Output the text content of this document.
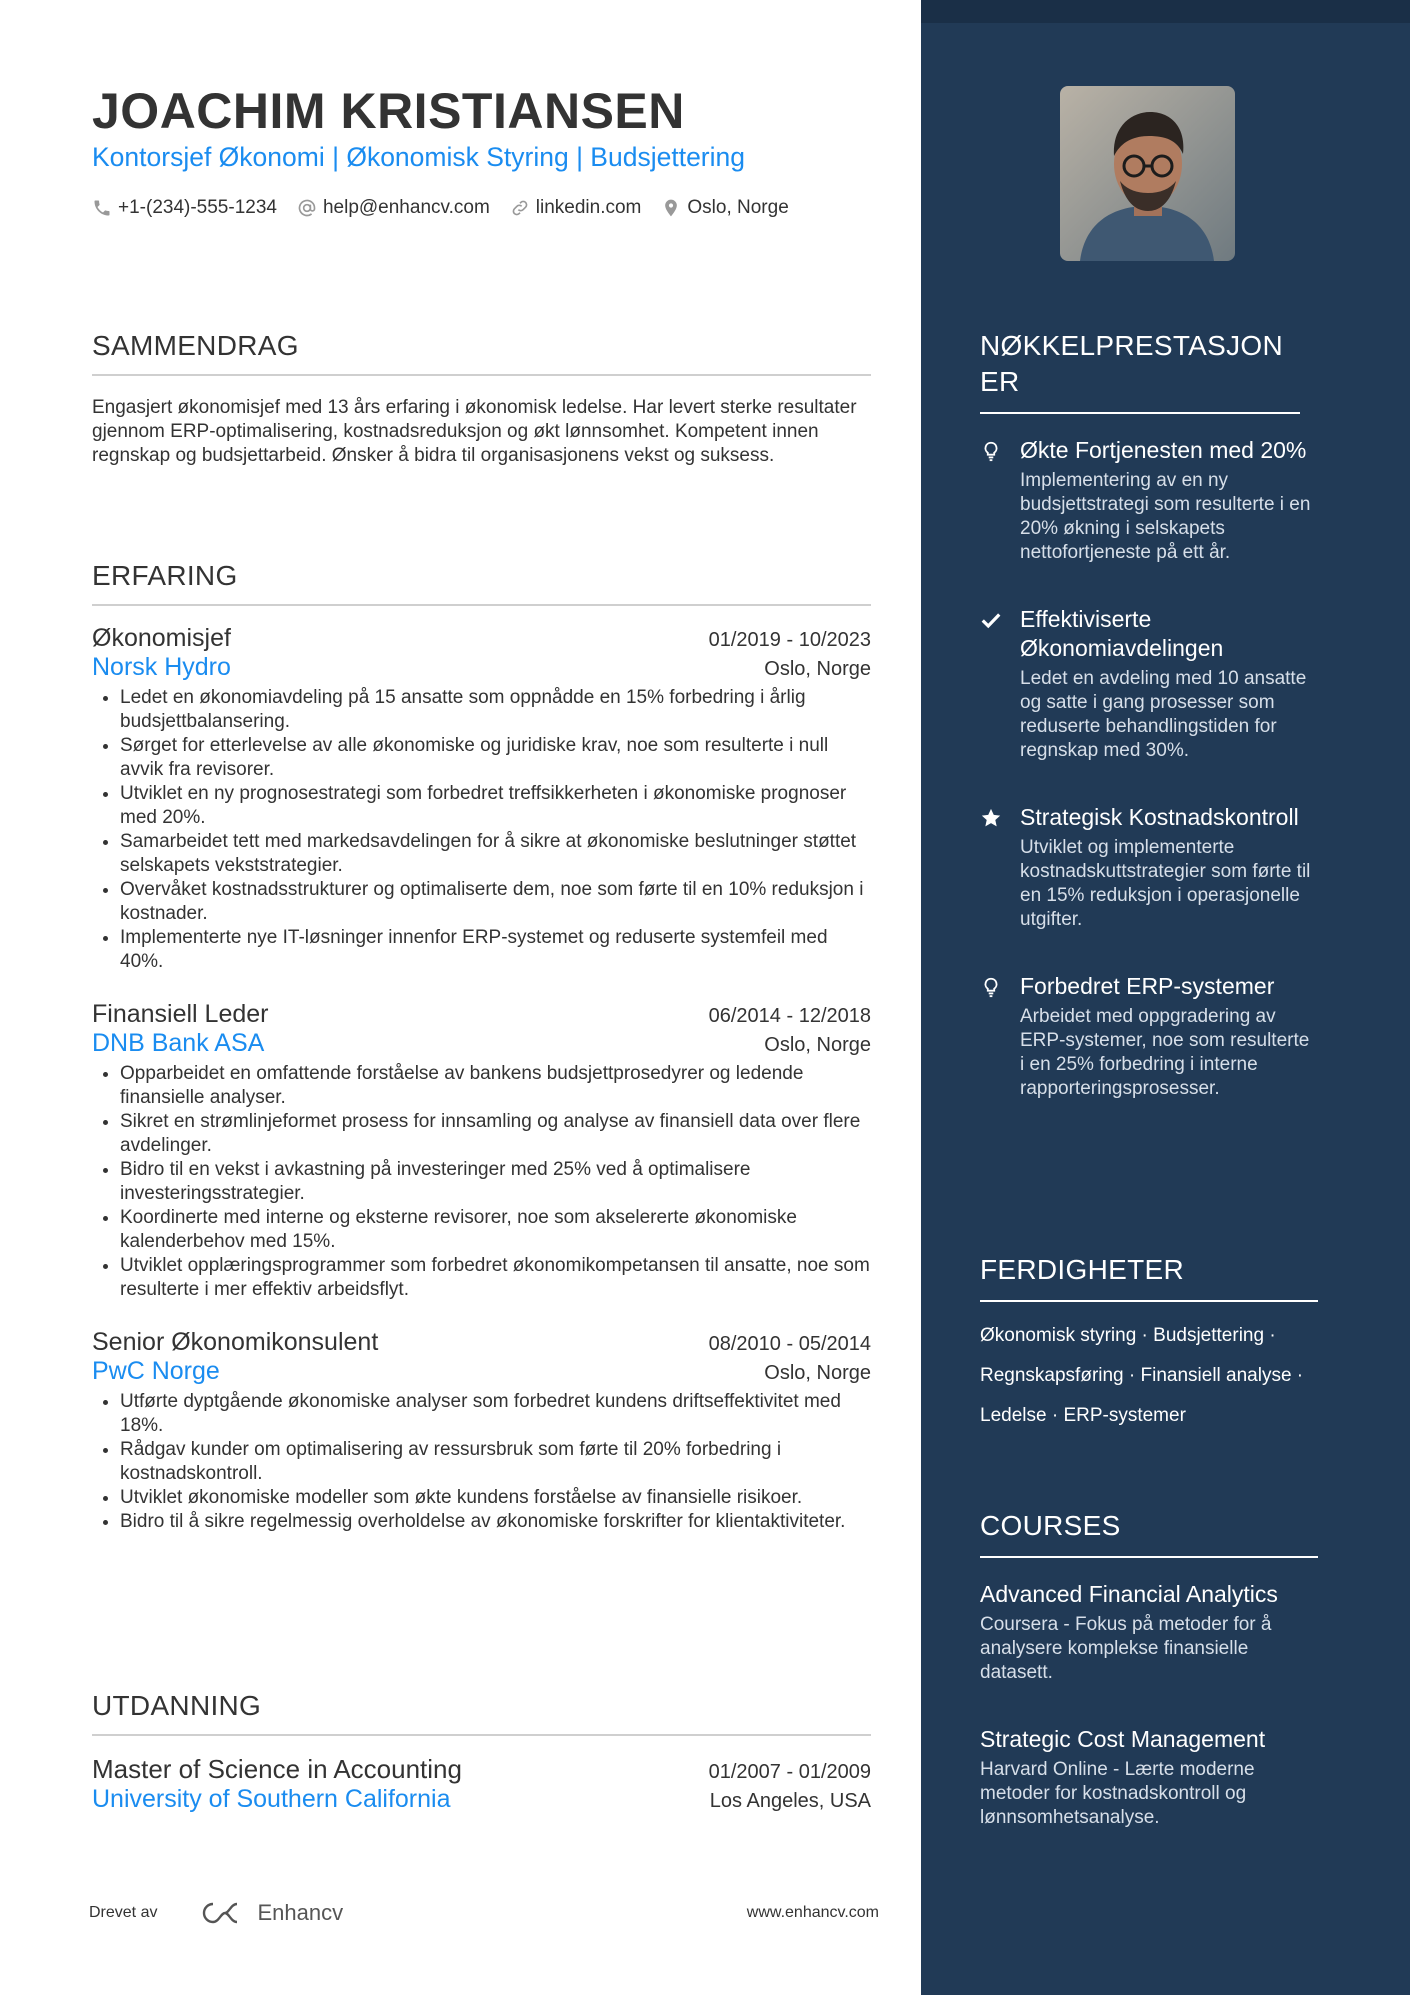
JOACHIM KRISTIANSEN
Kontorsjef Økonomi | Økonomisk Styring | Budsjettering
+1-(234)-555-1234 help@enhancv.com linkedin.com Oslo, Norge
SAMMENDRAG

Engasjert økonomisjef med 13 års erfaring i økonomisk ledelse. Har levert sterke resultater gjennom ERP-optimalisering, kostnadsreduksjon og økt lønnsomhet. Kompetent innen regnskap og budsjettarbeid. Ønsker å bidra til organisasjonens vekst og suksess.

ERFARING
Økonomisjef	01/2019 - 10/2023
Norsk Hydro	Oslo, Norge
• Ledet en økonomiavdeling på 15 ansatte som oppnådde en 15% forbedring i årlig budsjettbalansering.
• Sørget for etterlevelse av alle økonomiske og juridiske krav, noe som resulterte i null avvik fra revisorer.
• Utviklet en ny prognosestrategi som forbedret treffsikkerheten i økonomiske prognoser med 20%.
• Samarbeidet tett med markedsavdelingen for å sikre at økonomiske beslutninger støttet selskapets vekststrategier.
• Overvåket kostnadsstrukturer og optimaliserte dem, noe som førte til en 10% reduksjon i kostnader.
• Implementerte nye IT-løsninger innenfor ERP-systemet og reduserte systemfeil med 40%.
Finansiell Leder	06/2014 - 12/2018
DNB Bank ASA	Oslo, Norge
• Opparbeidet en omfattende forståelse av bankens budsjettprosedyrer og ledende finansielle analyser.
• Sikret en strømlinjeformet prosess for innsamling og analyse av finansiell data over flere avdelinger.
• Bidro til en vekst i avkastning på investeringer med 25% ved å optimalisere investeringsstrategier.
• Koordinerte med interne og eksterne revisorer, noe som akselererte økonomiske kalenderbehov med 15%.
• Utviklet opplæringsprogrammer som forbedret økonomikompetansen til ansatte, noe som resulterte i mer effektiv arbeidsflyt.
Senior Økonomikonsulent	08/2010 - 05/2014
PwC Norge	Oslo, Norge
• Utførte dyptgående økonomiske analyser som forbedret kundens driftseffektivitet med 18%.
• Rådgav kunder om optimalisering av ressursbruk som førte til 20% forbedring i kostnadskontroll.
• Utviklet økonomiske modeller som økte kundens forståelse av finansielle risikoer.
• Bidro til å sikre regelmessig overholdelse av økonomiske forskrifter for klientaktiviteter.
UTDANNING
Master of Science in Accounting	01/2007 - 01/2009
University of Southern California	Los Angeles, USA
Drevet av	Enhancv	www.enhancv.com
NØKKELPRESTASJONER
Økte Fortjenesten med 20%
Implementering av en ny budsjettstrategi som resulterte i en 20% økning i selskapets nettofortjeneste på ett år.
Effektiviserte Økonomiavdelingen
Ledet en avdeling med 10 ansatte og satte i gang prosesser som reduserte behandlingstiden for regnskap med 30%.
Strategisk Kostnadskontroll
Utviklet og implementerte kostnadskuttstrategier som førte til en 15% reduksjon i operasjonelle utgifter.
Forbedret ERP-systemer
Arbeidet med oppgradering av ERP-systemer, noe som resulterte i en 25% forbedring i interne rapporteringsprosesser.
FERDIGHETER
Økonomisk styring · Budsjettering · Regnskapsføring · Finansiell analyse · Ledelse · ERP-systemer
COURSES
Advanced Financial Analytics
Coursera - Fokus på metoder for å analysere komplekse finansielle datasett.
Strategic Cost Management
Harvard Online - Lærte moderne metoder for kostnadskontroll og lønnsomhetsanalyse.
